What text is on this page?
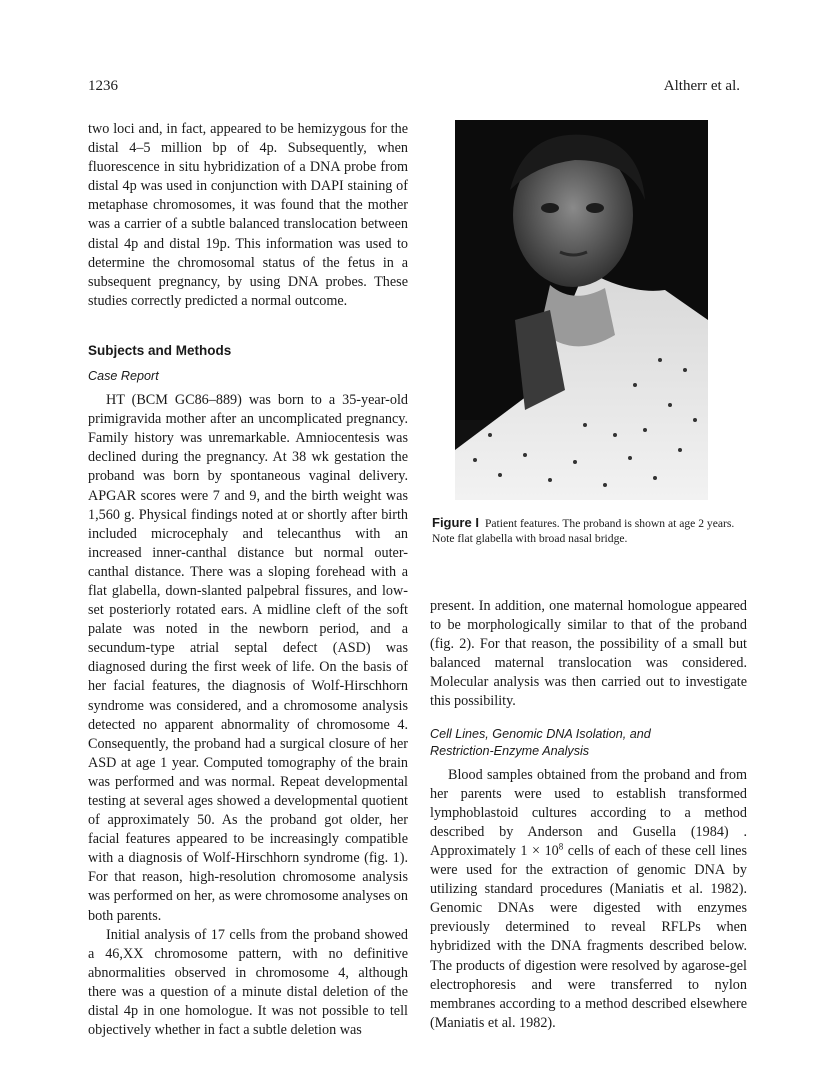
1236	Altherr et al.

two loci and, in fact, appeared to be hemizygous for the distal 4–5 million bp of 4p. Subsequently, when fluorescence in situ hybridization of a DNA probe from distal 4p was used in conjunction with DAPI staining of metaphase chromosomes, it was found that the mother was a carrier of a subtle balanced translocation between distal 4p and distal 19p. This information was used to determine the chromosomal status of the fetus in a subsequent pregnancy, by using DNA probes. These studies correctly predicted a normal outcome.

Subjects and Methods

Case Report

HT (BCM GC86–889) was born to a 35-year-old primigravida mother after an uncomplicated pregnancy. Family history was unremarkable. Amniocentesis was declined during the pregnancy. At 38 wk gestation the proband was born by spontaneous vaginal delivery. APGAR scores were 7 and 9, and the birth weight was 1,560 g. Physical findings noted at or shortly after birth included microcephaly and telecanthus with an increased inner-canthal distance but normal outer-canthal distance. There was a sloping forehead with a flat glabella, down-slanted palpebral fissures, and low-set posteriorly rotated ears. A midline cleft of the soft palate was noted in the newborn period, and a secundum-type atrial septal defect (ASD) was diagnosed during the first week of life. On the basis of her facial features, the diagnosis of Wolf-Hirschhorn syndrome was considered, and a chromosome analysis detected no apparent abnormality of chromosome 4. Consequently, the proband had a surgical closure of her ASD at age 1 year. Computed tomography of the brain was performed and was normal. Repeat developmental testing at several ages showed a developmental quotient of approximately 50. As the proband got older, her facial features appeared to be increasingly compatible with a diagnosis of Wolf-Hirschhorn syndrome (fig. 1). For that reason, high-resolution chromosome analysis was performed on her, as were chromosome analyses on both parents.

Initial analysis of 17 cells from the proband showed a 46,XX chromosome pattern, with no definitive abnormalities observed in chromosome 4, although there was a question of a minute distal deletion of the distal 4p in one homologue. It was not possible to tell objectively whether in fact a subtle deletion was

Figure I Patient features. The proband is shown at age 2 years. Note flat glabella with broad nasal bridge.

present. In addition, one maternal homologue appeared to be morphologically similar to that of the proband (fig. 2). For that reason, the possibility of a small but balanced maternal translocation was considered. Molecular analysis was then carried out to investigate this possibility.

Cell Lines, Genomic DNA Isolation, and

Restriction-Enzyme Analysis

Blood samples obtained from the proband and from her parents were used to establish transformed lymphoblastoid cultures according to a method described by Anderson and Gusella (1984) . Approximately $1 \times 10^8$ cells of each of these cell lines were used for the extraction of genomic DNA by utilizing standard procedures (Maniatis et al. 1982). Genomic DNAs were digested with enzymes previously determined to reveal RFLPs when hybridized with the DNA fragments described below. The products of digestion were resolved by agarose-gel electrophoresis and were transferred to nylon membranes according to a method described elsewhere (Maniatis et al. 1982).
